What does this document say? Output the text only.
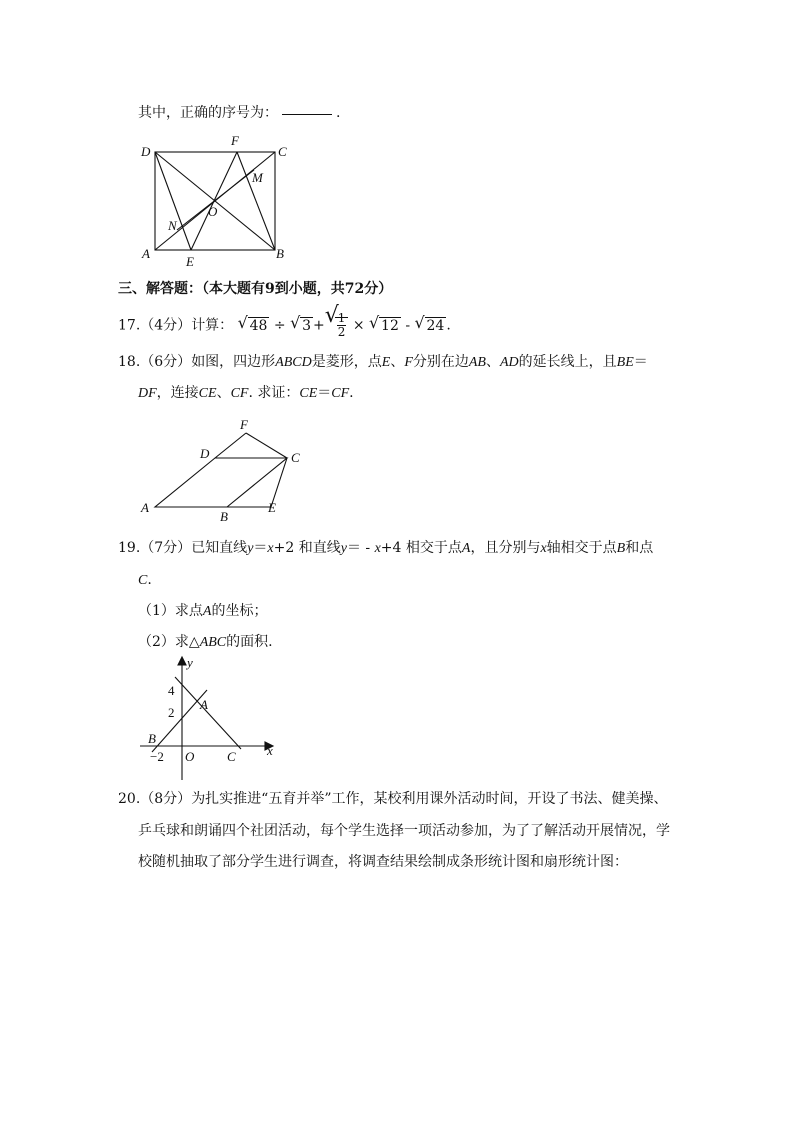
其中，正确的序号为：	.
D
F
C
M
O
N
A
E
B
三、解答题：（本大题有9到小题，共72分）
17.（4分）计算： √ 48 ÷ √ 3 + √
$\frac{1}{2}$ × √ 12 - √ 24 .
18.（6分）如图，四边形ABCD是菱形，点E、F分别在边AB、AD的延长线上，且BE＝
DF，连接CE、CF. 求证：CE＝CF.
F
D	C
A
B
E
19.（7分）已知直线y＝x+2 和直线y＝ - x+4 相交于点A，且分别与x轴相交于点B和点
C.
（1）求点A的坐标；
（2）求△ABC的面积.
y
x
4
2
−2
A
B
O	C
20.（8分）为扎实推进“五育并举”工作，某校利用课外活动时间，开设了书法、健美操、
乒乓球和朗诵四个社团活动，每个学生选择一项活动参加，为了了解活动开展情况，学
校随机抽取了部分学生进行调查，将调查结果绘制成条形统计图和扇形统计图：
